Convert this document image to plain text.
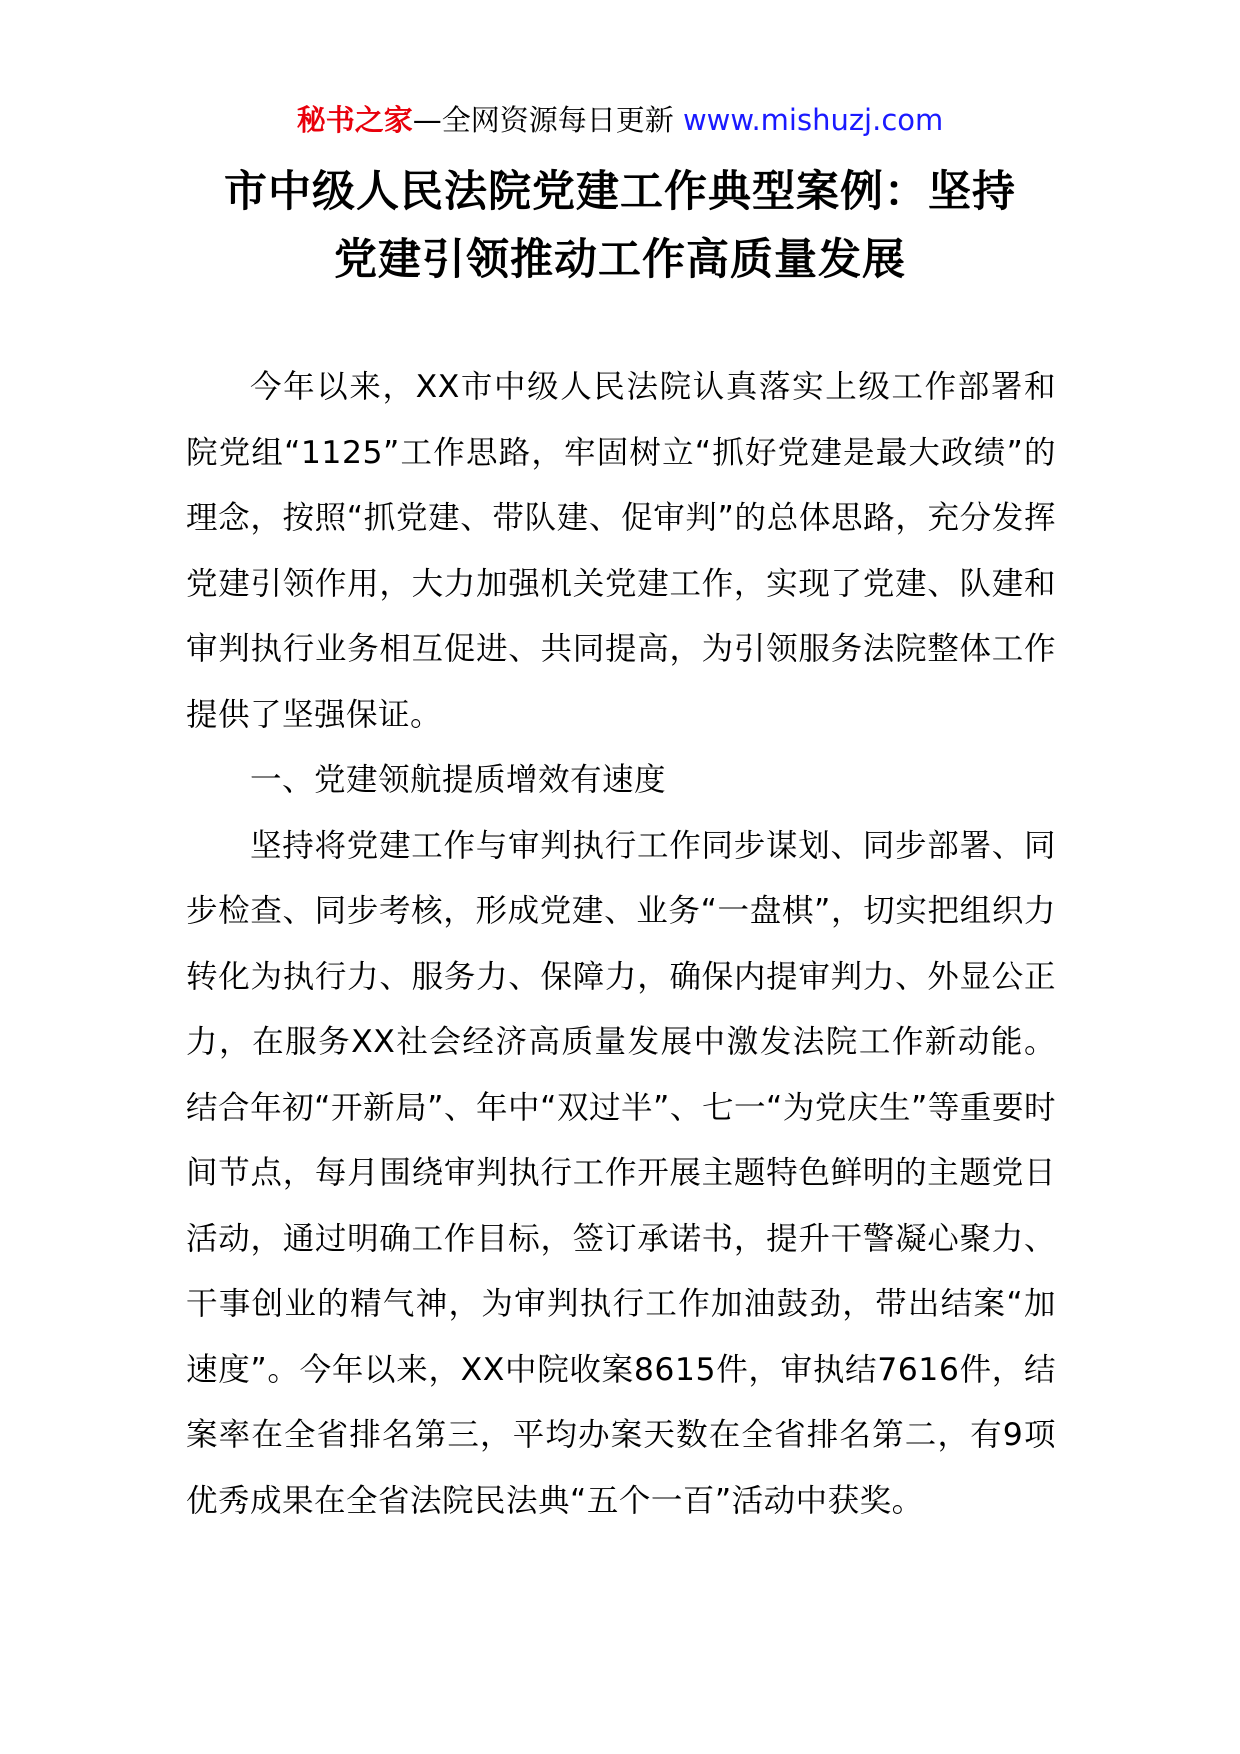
秘书之家—全网资源每日更新 www.mishuzj.com
市中级人民法院党建工作典型案例：坚持
党建引领推动工作高质量发展

今年以来，XX市中级人民法院认真落实上级工作部署和院党组“1125”工作思路，牢固树立“抓好党建是最大政绩”的理念，按照“抓党建、带队建、促审判”的总体思路，充分发挥党建引领作用，大力加强机关党建工作，实现了党建、队建和审判执行业务相互促进、共同提高，为引领服务法院整体工作提供了坚强保证。

一、党建领航提质增效有速度

坚持将党建工作与审判执行工作同步谋划、同步部署、同步检查、同步考核，形成党建、业务“一盘棋”，切实把组织力转化为执行力、服务力、保障力，确保内提审判力、外显公正力，在服务XX社会经济高质量发展中激发法院工作新动能。结合年初“开新局”、年中“双过半”、七一“为党庆生”等重要时间节点，每月围绕审判执行工作开展主题特色鲜明的主题党日活动，通过明确工作目标，签订承诺书，提升干警凝心聚力、干事创业的精气神，为审判执行工作加油鼓劲，带出结案“加速度”。今年以来，XX中院收案8615件，审执结7616件，结案率在全省排名第三，平均办案天数在全省排名第二，有9项优秀成果在全省法院民法典“五个一百”活动中获奖。
